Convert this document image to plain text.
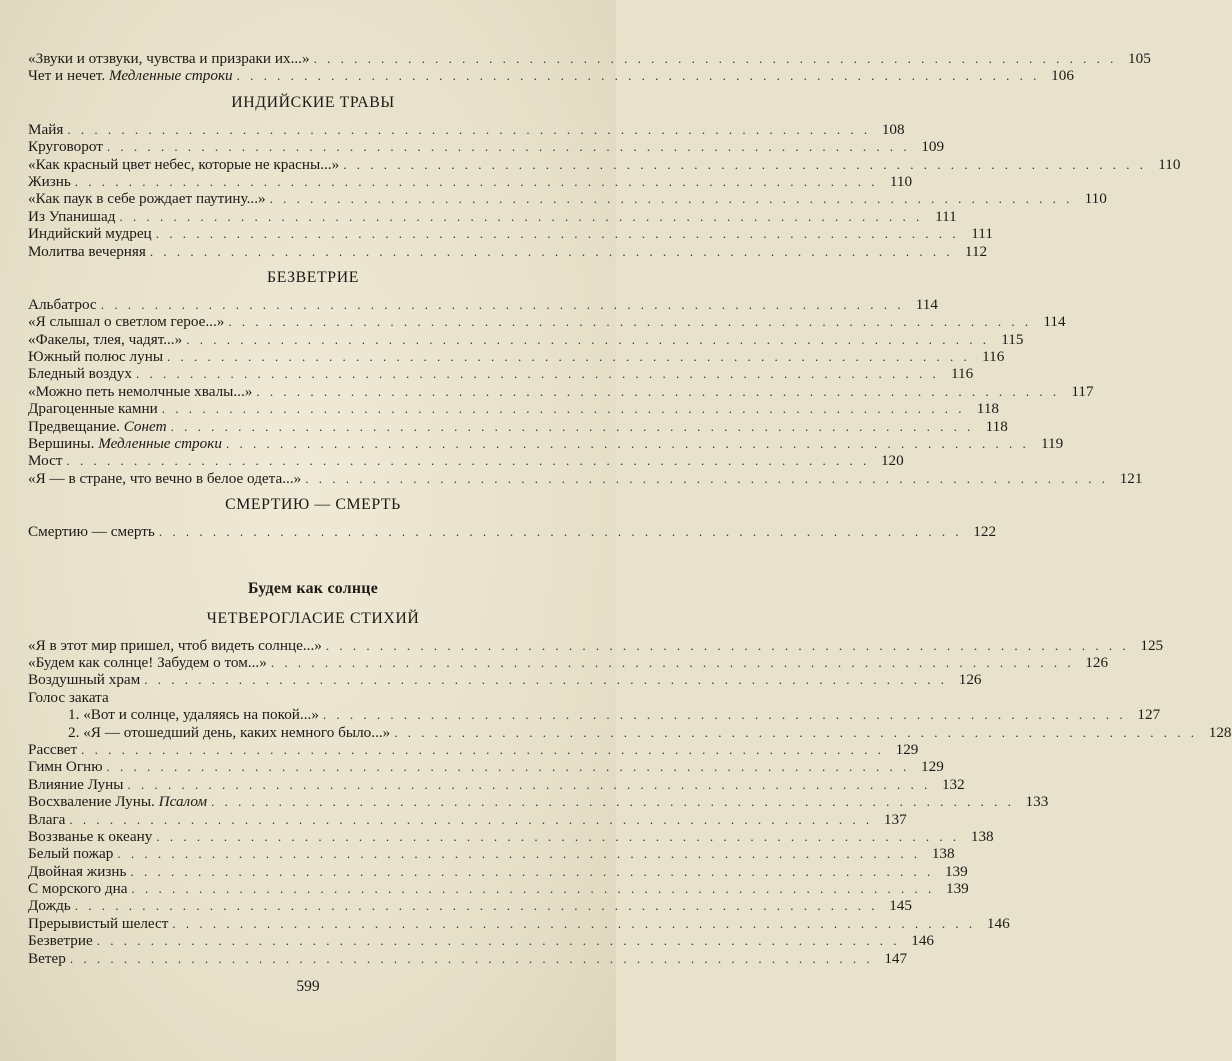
«Звуки и отзвуки, чувства и призраки их...» . . . . . . . . . . . . . . . . . . . . . . . . . . . . . . . . . . . . . . . . . . . . . . . . . . . . . . . . . . . . 105
Чет и нечет. Медленные строки . . . . . . . . . . . . . . . . . . . . . . . . . . . . . . . . . . . . . . . . . . . . . . . . . . . . . . . . . . . . 106
ИНДИЙСКИЕ ТРАВЫ
Майя . . . . . . . . . . . . . . . . . . . . . . . . . . . . . . . . . . . . . . . . . . . . . . . . . . . . . . . . . . . . 108
Круговорот . . . . . . . . . . . . . . . . . . . . . . . . . . . . . . . . . . . . . . . . . . . . . . . . . . . . . . . . . . . . 109
«Как красный цвет небес, которые не красны...» . . . . . . . . . . . . . . . . . . . . . . . . . . . . . . . . . . . . . . . . . . . . . . . . . . . . . . . . . . . . 110
Жизнь . . . . . . . . . . . . . . . . . . . . . . . . . . . . . . . . . . . . . . . . . . . . . . . . . . . . . . . . . . . . 110
«Как паук в себе рождает паутину...» . . . . . . . . . . . . . . . . . . . . . . . . . . . . . . . . . . . . . . . . . . . . . . . . . . . . . . . . . . . . 110
Из Упанишад . . . . . . . . . . . . . . . . . . . . . . . . . . . . . . . . . . . . . . . . . . . . . . . . . . . . . . . . . . . . 111
Индийский мудрец . . . . . . . . . . . . . . . . . . . . . . . . . . . . . . . . . . . . . . . . . . . . . . . . . . . . . . . . . . . . 111
Молитва вечерняя . . . . . . . . . . . . . . . . . . . . . . . . . . . . . . . . . . . . . . . . . . . . . . . . . . . . . . . . . . . . 112
БЕЗВЕТРИЕ
Альбатрос . . . . . . . . . . . . . . . . . . . . . . . . . . . . . . . . . . . . . . . . . . . . . . . . . . . . . . . . . . . . 114
«Я слышал о светлом герое...» . . . . . . . . . . . . . . . . . . . . . . . . . . . . . . . . . . . . . . . . . . . . . . . . . . . . . . . . . . . . 114
«Факелы, тлея, чадят...» . . . . . . . . . . . . . . . . . . . . . . . . . . . . . . . . . . . . . . . . . . . . . . . . . . . . . . . . . . . . 115
Южный полюс луны . . . . . . . . . . . . . . . . . . . . . . . . . . . . . . . . . . . . . . . . . . . . . . . . . . . . . . . . . . . . 116
Бледный воздух . . . . . . . . . . . . . . . . . . . . . . . . . . . . . . . . . . . . . . . . . . . . . . . . . . . . . . . . . . . . 116
«Можно петь немолчные хвалы...» . . . . . . . . . . . . . . . . . . . . . . . . . . . . . . . . . . . . . . . . . . . . . . . . . . . . . . . . . . . . 117
Драгоценные камни . . . . . . . . . . . . . . . . . . . . . . . . . . . . . . . . . . . . . . . . . . . . . . . . . . . . . . . . . . . . 118
Предвещание. Сонет . . . . . . . . . . . . . . . . . . . . . . . . . . . . . . . . . . . . . . . . . . . . . . . . . . . . . . . . . . . . 118
Вершины. Медленные строки . . . . . . . . . . . . . . . . . . . . . . . . . . . . . . . . . . . . . . . . . . . . . . . . . . . . . . . . . . . . 119
Мост . . . . . . . . . . . . . . . . . . . . . . . . . . . . . . . . . . . . . . . . . . . . . . . . . . . . . . . . . . . . 120
«Я — в стране, что вечно в белое одета...» . . . . . . . . . . . . . . . . . . . . . . . . . . . . . . . . . . . . . . . . . . . . . . . . . . . . . . . . . . . . 121
СМЕРТИЮ — СМЕРТЬ
Смертию — смерть . . . . . . . . . . . . . . . . . . . . . . . . . . . . . . . . . . . . . . . . . . . . . . . . . . . . . . . . . . . . 122
Будем как солнце
ЧЕТВЕРОГЛАСИЕ СТИХИЙ
«Я в этот мир пришел, чтоб видеть солнце...» . . . . . . . . . . . . . . . . . . . . . . . . . . . . . . . . . . . . . . . . . . . . . . . . . . . . . . . . . . . . 125
«Будем как солнце! Забудем о том...» . . . . . . . . . . . . . . . . . . . . . . . . . . . . . . . . . . . . . . . . . . . . . . . . . . . . . . . . . . . . 126
Воздушный храм . . . . . . . . . . . . . . . . . . . . . . . . . . . . . . . . . . . . . . . . . . . . . . . . . . . . . . . . . . . . 126
Голос заката
1. «Вот и солнце, удаляясь на покой...» . . . . . . . . . . . . . . . . . . . . . . . . . . . . . . . . . . . . . . . . . . . . . . . . . . . . . . . . . . . . 127
2. «Я — отошедший день, каких немного было...» . . . . . . . . . . . . . . . . . . . . . . . . . . . . . . . . . . . . . . . . . . . . . . . . . . . . . . . . . . . . 128
Рассвет . . . . . . . . . . . . . . . . . . . . . . . . . . . . . . . . . . . . . . . . . . . . . . . . . . . . . . . . . . . . 129
Гимн Огню . . . . . . . . . . . . . . . . . . . . . . . . . . . . . . . . . . . . . . . . . . . . . . . . . . . . . . . . . . . . 129
Влияние Луны . . . . . . . . . . . . . . . . . . . . . . . . . . . . . . . . . . . . . . . . . . . . . . . . . . . . . . . . . . . . 132
Восхваление Луны. Псалом . . . . . . . . . . . . . . . . . . . . . . . . . . . . . . . . . . . . . . . . . . . . . . . . . . . . . . . . . . . . 133
Влага . . . . . . . . . . . . . . . . . . . . . . . . . . . . . . . . . . . . . . . . . . . . . . . . . . . . . . . . . . . . 137
Воззванье к океану . . . . . . . . . . . . . . . . . . . . . . . . . . . . . . . . . . . . . . . . . . . . . . . . . . . . . . . . . . . . 138
Белый пожар . . . . . . . . . . . . . . . . . . . . . . . . . . . . . . . . . . . . . . . . . . . . . . . . . . . . . . . . . . . . 138
Двойная жизнь . . . . . . . . . . . . . . . . . . . . . . . . . . . . . . . . . . . . . . . . . . . . . . . . . . . . . . . . . . . . 139
С морского дна . . . . . . . . . . . . . . . . . . . . . . . . . . . . . . . . . . . . . . . . . . . . . . . . . . . . . . . . . . . . 139
Дождь . . . . . . . . . . . . . . . . . . . . . . . . . . . . . . . . . . . . . . . . . . . . . . . . . . . . . . . . . . . . 145
Прерывистый шелест . . . . . . . . . . . . . . . . . . . . . . . . . . . . . . . . . . . . . . . . . . . . . . . . . . . . . . . . . . . . 146
Безветрие . . . . . . . . . . . . . . . . . . . . . . . . . . . . . . . . . . . . . . . . . . . . . . . . . . . . . . . . . . . . 146
Ветер . . . . . . . . . . . . . . . . . . . . . . . . . . . . . . . . . . . . . . . . . . . . . . . . . . . . . . . . . . . . 147
599
